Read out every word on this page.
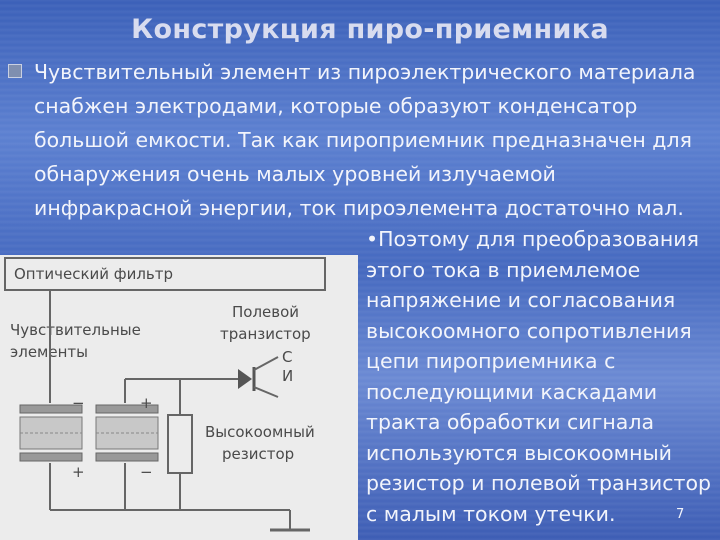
Конструкция пиро-приемника
Чувствительный элемент из пироэлектрического материала снабжен электродами, которые образуют конденсатор большой емкости. Так как пироприемник предназначен для обнаружения очень малых уровней излучаемой инфракрасной энергии, ток пироэлемента достаточно мал.
Оптический фильтр
Чувствительные
элементы
Полевой
транзистор
С
И
Высокоомный
резистор
−
+
+
−
•Поэтому для преобразования этого тока в приемлемое напряжение и согласования высокоомного сопротивления цепи пироприемника с последующими каскадами тракта обработки сигнала используются высокоомный резистор и полевой транзистор с малым током утечки.	7
